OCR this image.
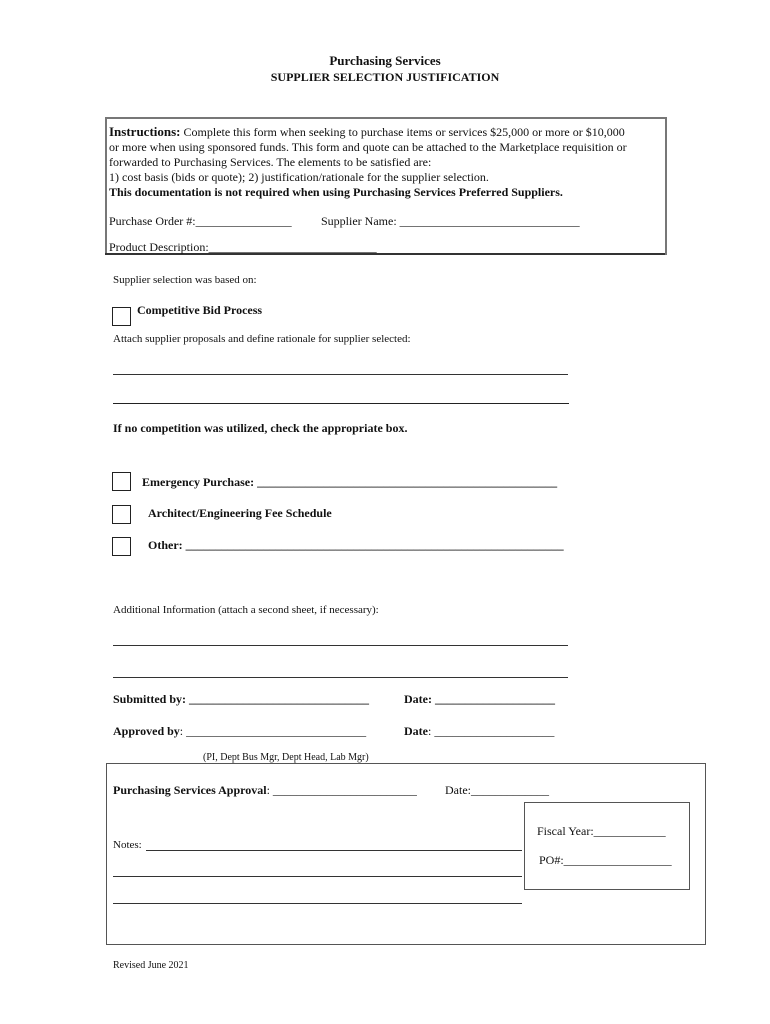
Purchasing Services
SUPPLIER SELECTION JUSTIFICATION
Instructions: Complete this form when seeking to purchase items or services $25,000 or more or $10,000
or more when using sponsored funds. This form and quote can be attached to the Marketplace requisition or
forwarded to Purchasing Services. The elements to be satisfied are:
1) cost basis (bids or quote); 2) justification/rationale for the supplier selection.
This documentation is not required when using Purchasing Services Preferred Suppliers.
Purchase Order #:________________ Supplier Name: ______________________________
Product Description:____________________________
Supplier selection was based on:
Competitive Bid Process
Attach supplier proposals and define rationale for supplier selected:
If no competition was utilized, check the appropriate box.
Emergency Purchase: __________________________________________________
Architect/Engineering Fee Schedule
Other: _______________________________________________________________
Additional Information (attach a second sheet, if necessary):
Submitted by: ______________________________	Date: ____________________
Approved by: ______________________________	Date: ____________________
(PI, Dept Bus Mgr, Dept Head, Lab Mgr)
Purchasing Services Approval: ________________________ Date:_____________
Fiscal Year:____________
PO#:__________________
Notes:
Revised June 2021
